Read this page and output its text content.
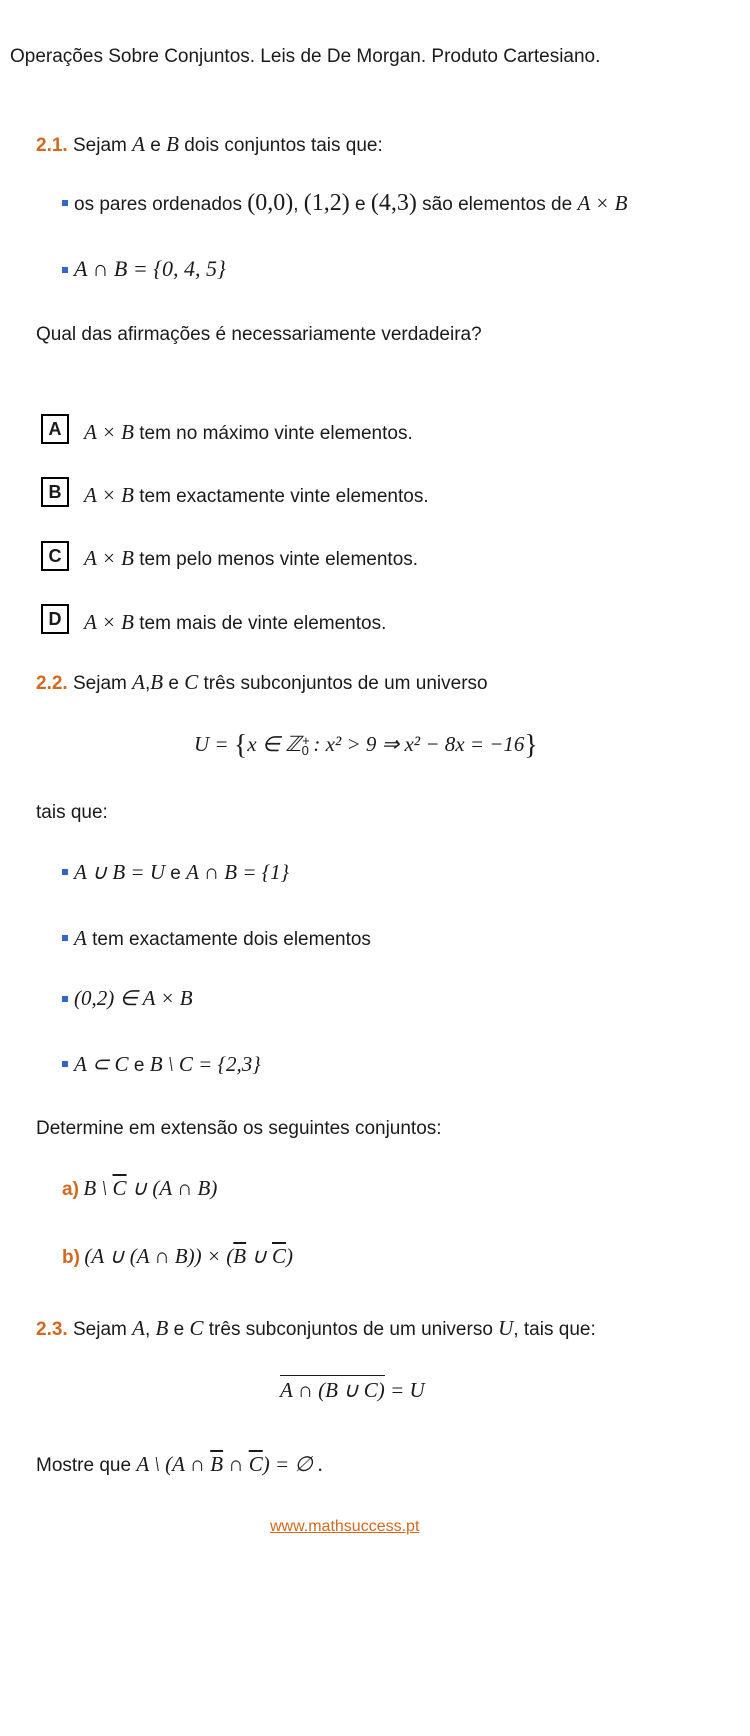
Operações Sobre Conjuntos. Leis de De Morgan. Produto Cartesiano.
2.1. Sejam A e B dois conjuntos tais que:
os pares ordenados (0,0), (1,2) e (4,3) são elementos de A × B
A ∩ B = {0, 4, 5}
Qual das afirmações é necessariamente verdadeira?
A	A × B tem no máximo vinte elementos.
B	A × B tem exactamente vinte elementos.
C	A × B tem pelo menos vinte elementos.
D	A × B tem mais de vinte elementos.
2.2. Sejam A,B e C três subconjuntos de um universo
U = {x ∈ ℤ+$_0$ : x² > 9 ⇒ x² − 8x = −16}
tais que:
A ∪ B = U e A ∩ B = {1}
A tem exactamente dois elementos
(0,2) ∈ A × B
A ⊂ C e B \ C = {2,3}
Determine em extensão os seguintes conjuntos:
a) B \ $\overline{C}$ ∪ (A ∩ B)
b) (A ∪ (A ∩ $B)) \times (\overline{B}$ ∪ $\overline{C}$)
2.3. Sejam A, B e C três subconjuntos de um universo U, tais que:
A ∩ (B ∪ C) = U
Mostre que A \ (A ∩ $\overline{B}$ ∩ $\overline{C}$) = ∅ .
www.mathsuccess.pt
